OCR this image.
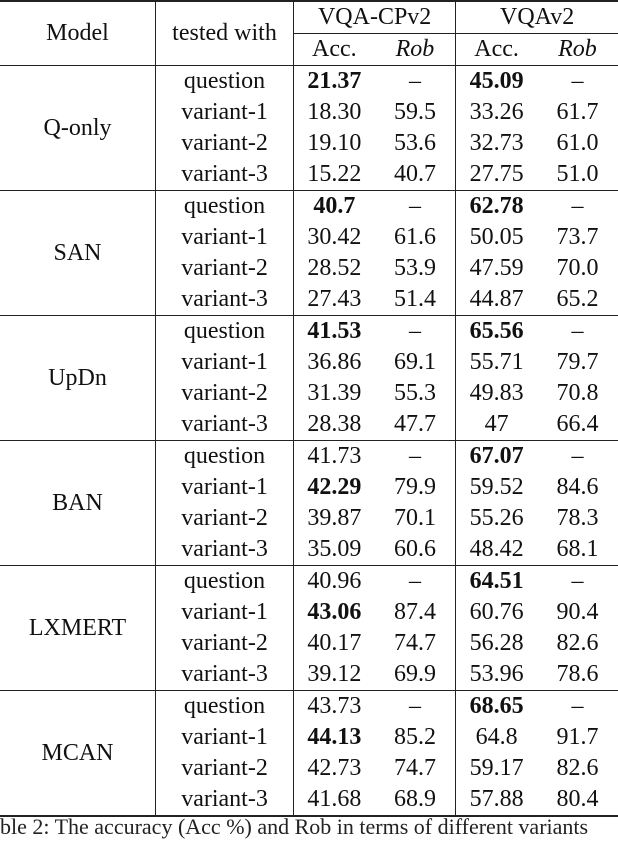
Model	tested with	VQA-CPv2		VQAv2	
		Acc.	Rob	Acc.	Rob
Q-only	question	21.37	–	45.09	–
	variant-1	18.30	59.5	33.26	61.7
	variant-2	19.10	53.6	32.73	61.0
	variant-3	15.22	40.7	27.75	51.0
SAN	question	40.7	–	62.78	–
	variant-1	30.42	61.6	50.05	73.7
	variant-2	28.52	53.9	47.59	70.0
	variant-3	27.43	51.4	44.87	65.2
UpDn	question	41.53	–	65.56	–
	variant-1	36.86	69.1	55.71	79.7
	variant-2	31.39	55.3	49.83	70.8
	variant-3	28.38	47.7	47	66.4
BAN	question	41.73	–	67.07	–
	variant-1	42.29	79.9	59.52	84.6
	variant-2	39.87	70.1	55.26	78.3
	variant-3	35.09	60.6	48.42	68.1
LXMERT	question	40.96	–	64.51	–
	variant-1	43.06	87.4	60.76	90.4
	variant-2	40.17	74.7	56.28	82.6
	variant-3	39.12	69.9	53.96	78.6
MCAN	question	43.73	–	68.65	–
	variant-1	44.13	85.2	64.8	91.7
	variant-2	42.73	74.7	59.17	82.6
	variant-3	41.68	68.9	57.88	80.4
ble 2: The accuracy (Acc %) and Rob in terms of different variants
